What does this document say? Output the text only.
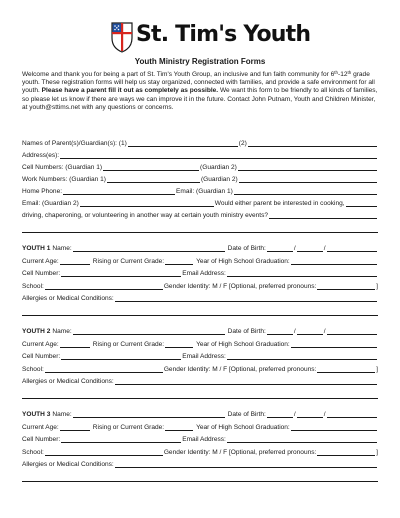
St. Tim's Youth
Youth Ministry Registration Forms
Welcome and thank you for being a part of St. Tim's Youth Group, an inclusive and fun faith community for 6th-12th grade youth. These registration forms will help us stay organized, connected with families, and provide a safe environment for all youth. Please have a parent fill it out as completely as possible. We want this form to be friendly to all kinds of families, so please let us know if there are ways we can improve it in the future. Contact John Putnam, Youth and Children Minister, at youth@sttims.net with any questions or concerns.
Names of Parent(s)/Guardian(s): (1)	(2)
Address(es):
Cell Numbers: (Guardian 1)	(Guardian 2)
Work Numbers: (Guardian 1)	(Guardian 2)
Home Phone:	Email: (Guardian 1)
Email: (Guardian 2)	Would either parent be interested in cooking,
driving, chaperoning, or volunteering in another way at certain youth ministry events?
YOUTH 1 Name:	Date of Birth:	/	/
Current Age:	Rising or Current Grade:	Year of High School Graduation:
Cell Number:	Email Address:
School:	Gender Identity: M / F [Optional, preferred pronouns:	]
Allergies or Medical Conditions:
YOUTH 2 Name:	Date of Birth:	/	/
Current Age:	Rising or Current Grade:	Year of High School Graduation:
Cell Number:	Email Address:
School:	Gender Identity: M / F [Optional, preferred pronouns:	]
Allergies or Medical Conditions:
YOUTH 3 Name:	Date of Birth:	/	/
Current Age:	Rising or Current Grade:	Year of High School Graduation:
Cell Number:	Email Address:
School:	Gender Identity: M / F [Optional, preferred pronouns:	]
Allergies or Medical Conditions:
